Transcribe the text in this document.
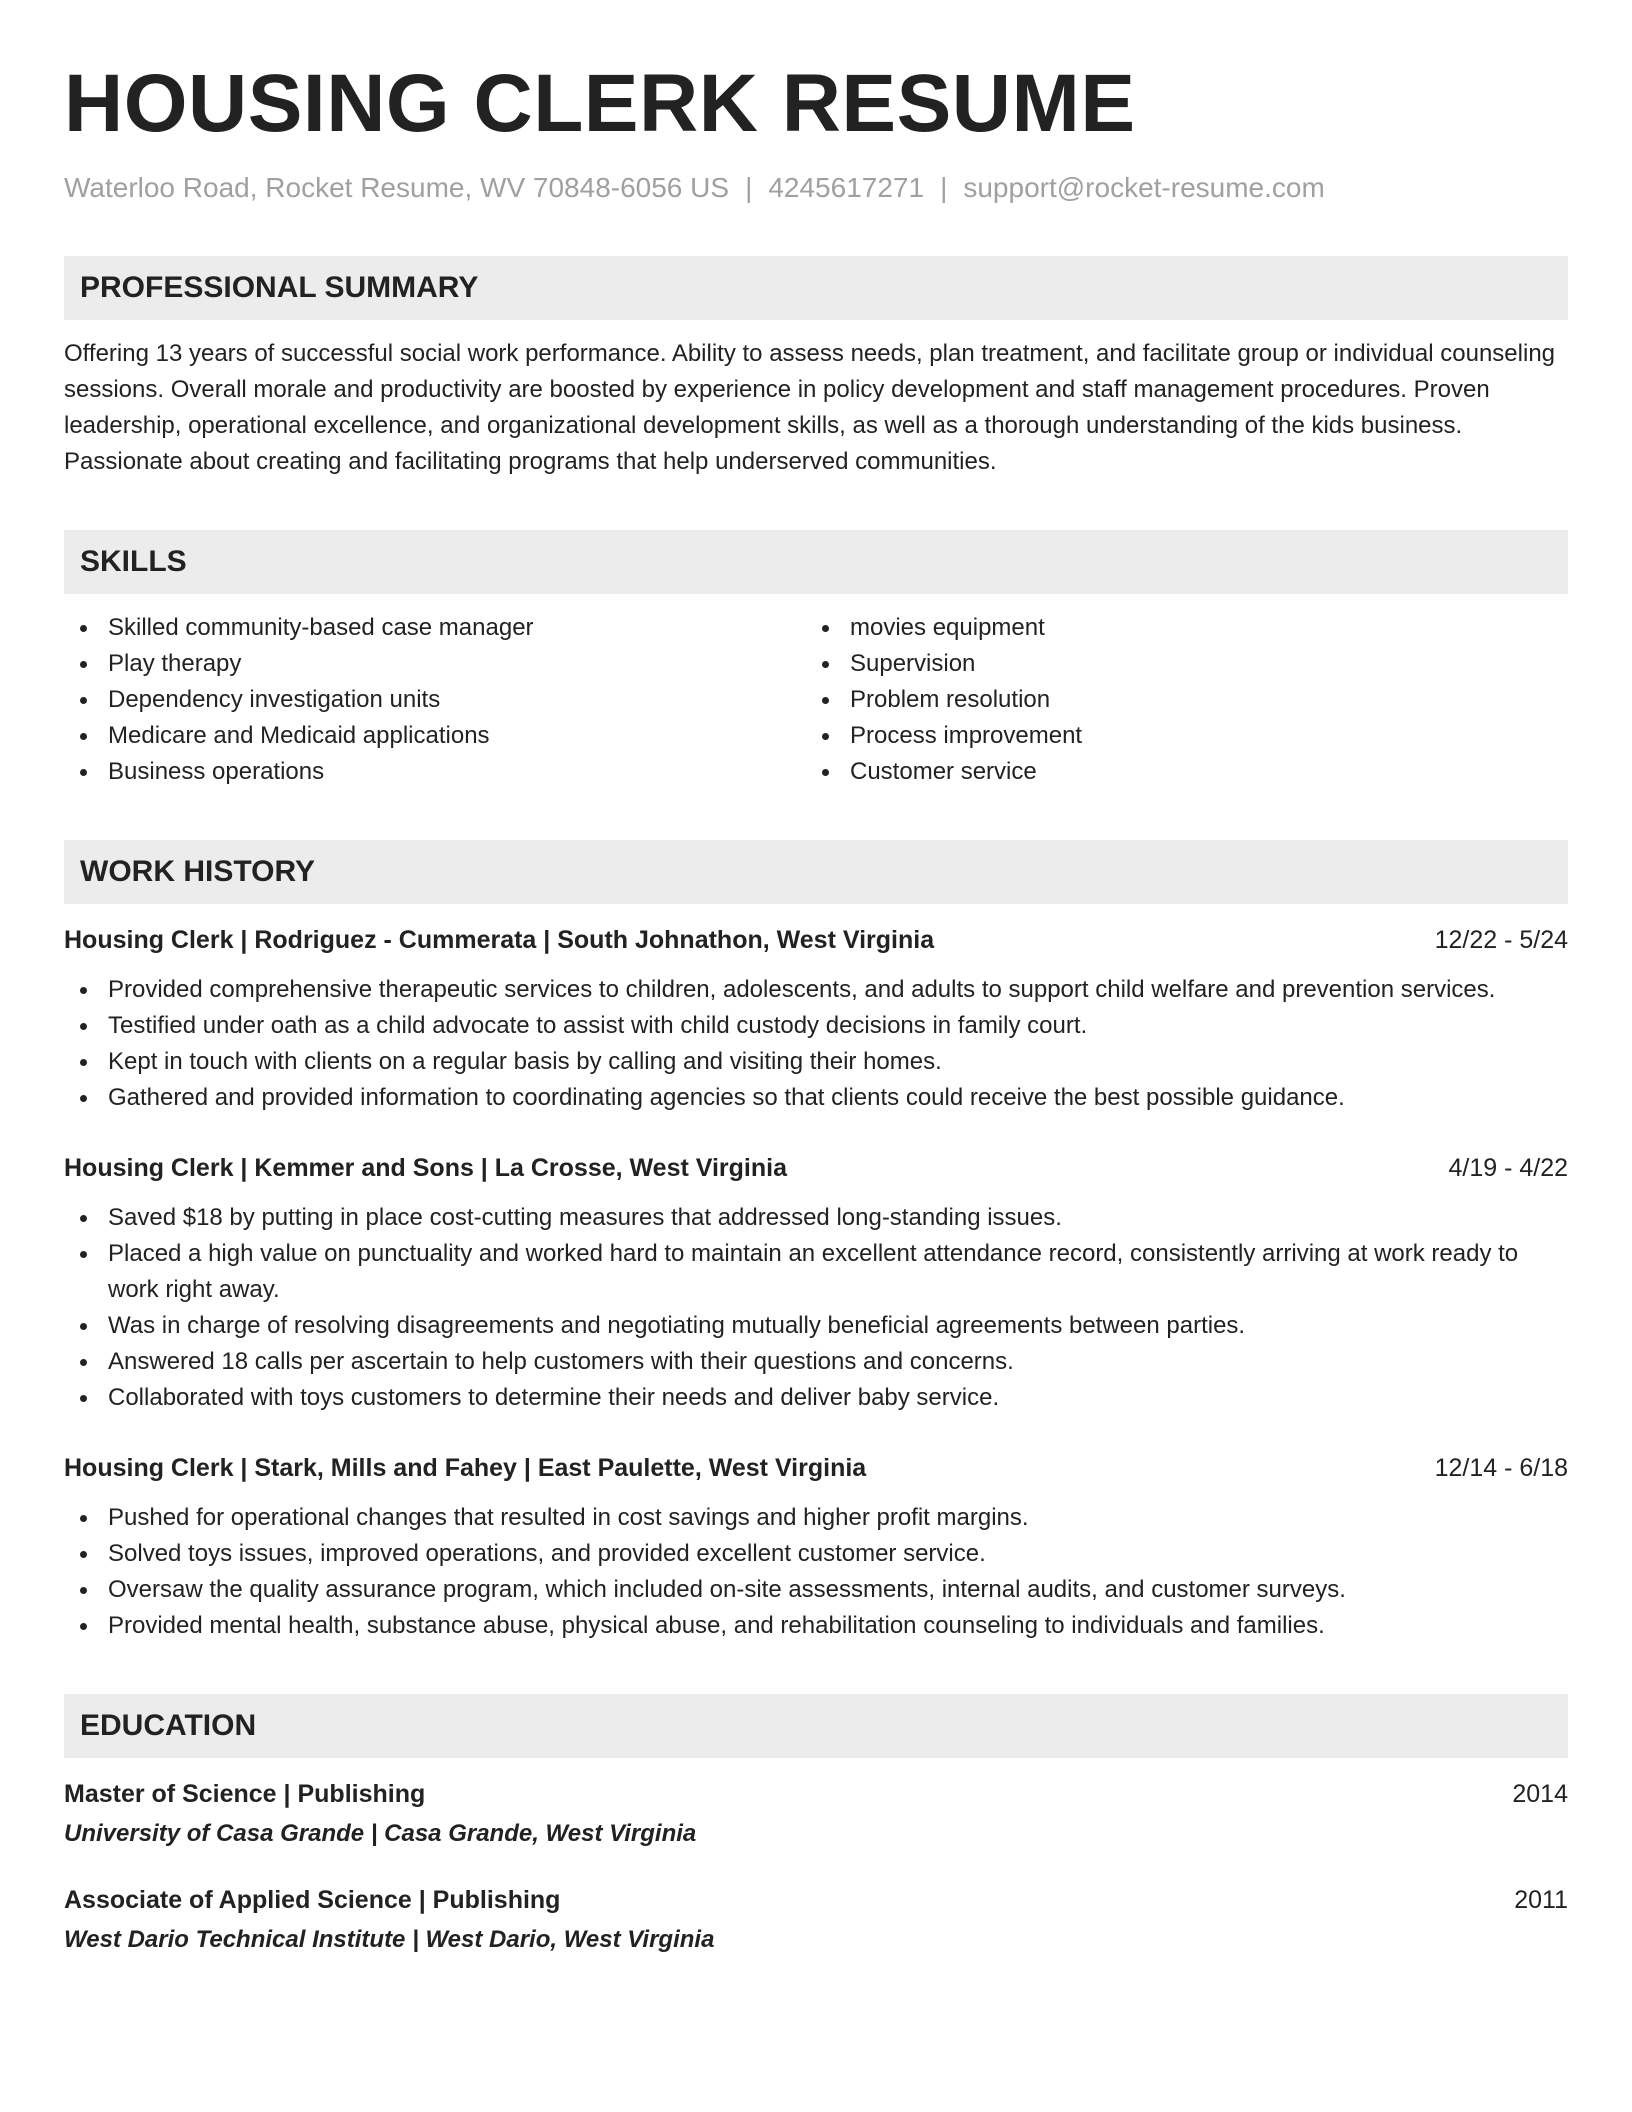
HOUSING CLERK RESUME
Waterloo Road, Rocket Resume, WV 70848-6056 US | 4245617271 | support@rocket-resume.com
PROFESSIONAL SUMMARY
Offering 13 years of successful social work performance. Ability to assess needs, plan treatment, and facilitate group or individual counseling sessions. Overall morale and productivity are boosted by experience in policy development and staff management procedures. Proven leadership, operational excellence, and organizational development skills, as well as a thorough understanding of the kids business. Passionate about creating and facilitating programs that help underserved communities.
SKILLS
Skilled community-based case manager
Play therapy
Dependency investigation units
Medicare and Medicaid applications
Business operations
movies equipment
Supervision
Problem resolution
Process improvement
Customer service
WORK HISTORY
Housing Clerk | Rodriguez - Cummerata | South Johnathon, West Virginia	12/22 - 5/24
Provided comprehensive therapeutic services to children, adolescents, and adults to support child welfare and prevention services.
Testified under oath as a child advocate to assist with child custody decisions in family court.
Kept in touch with clients on a regular basis by calling and visiting their homes.
Gathered and provided information to coordinating agencies so that clients could receive the best possible guidance.
Housing Clerk | Kemmer and Sons | La Crosse, West Virginia	4/19 - 4/22
Saved $18 by putting in place cost-cutting measures that addressed long-standing issues.
Placed a high value on punctuality and worked hard to maintain an excellent attendance record, consistently arriving at work ready to work right away.
Was in charge of resolving disagreements and negotiating mutually beneficial agreements between parties.
Answered 18 calls per ascertain to help customers with their questions and concerns.
Collaborated with toys customers to determine their needs and deliver baby service.
Housing Clerk | Stark, Mills and Fahey | East Paulette, West Virginia	12/14 - 6/18
Pushed for operational changes that resulted in cost savings and higher profit margins.
Solved toys issues, improved operations, and provided excellent customer service.
Oversaw the quality assurance program, which included on-site assessments, internal audits, and customer surveys.
Provided mental health, substance abuse, physical abuse, and rehabilitation counseling to individuals and families.
EDUCATION
Master of Science | Publishing	2014
University of Casa Grande | Casa Grande, West Virginia
Associate of Applied Science | Publishing	2011
West Dario Technical Institute | West Dario, West Virginia
